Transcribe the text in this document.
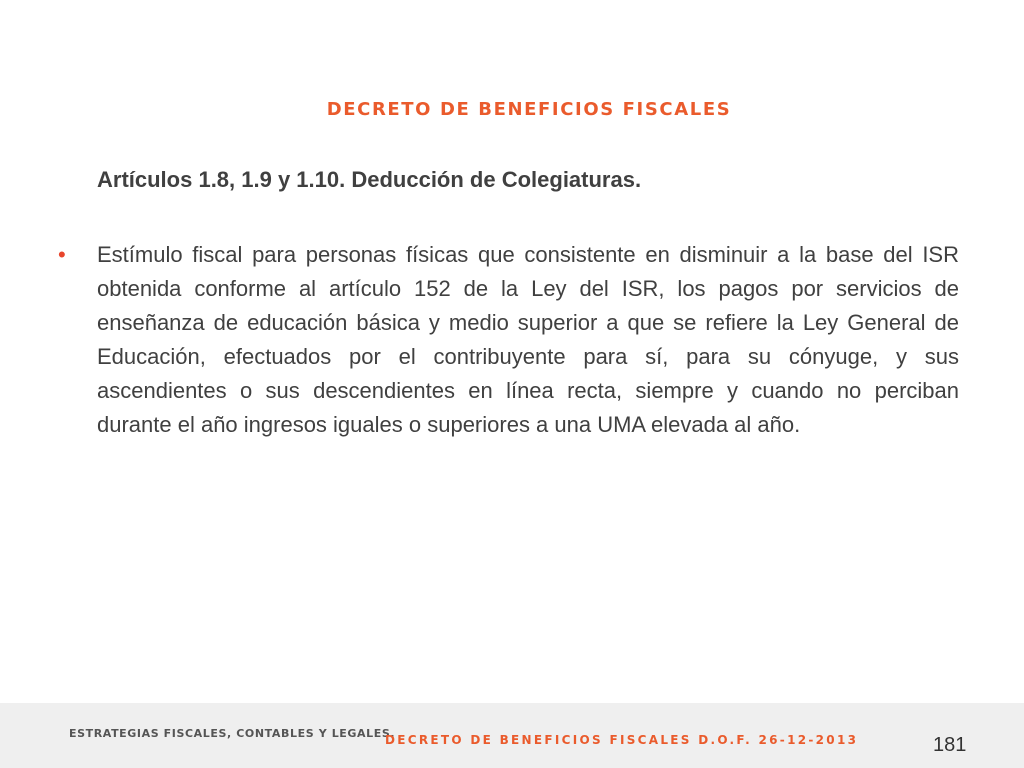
DECRETO DE BENEFICIOS FISCALES
Artículos 1.8, 1.9 y 1.10. Deducción de Colegiaturas.
• Estímulo fiscal para personas físicas que consistente en disminuir a la base del ISR obtenida conforme al artículo 152 de la Ley del ISR, los pagos por servicios de enseñanza de educación básica y medio superior a que se refiere la Ley General de Educación, efectuados por el contribuyente para sí, para su cónyuge, y sus ascendientes o sus descendientes en línea recta, siempre y cuando no perciban durante el año ingresos iguales o superiores a una UMA elevada al año.

ESTRATEGIAS FISCALES, CONTABLES Y LEGALES.
DECRETO DE BENEFICIOS FISCALES D.O.F. 26-12-2013	181
